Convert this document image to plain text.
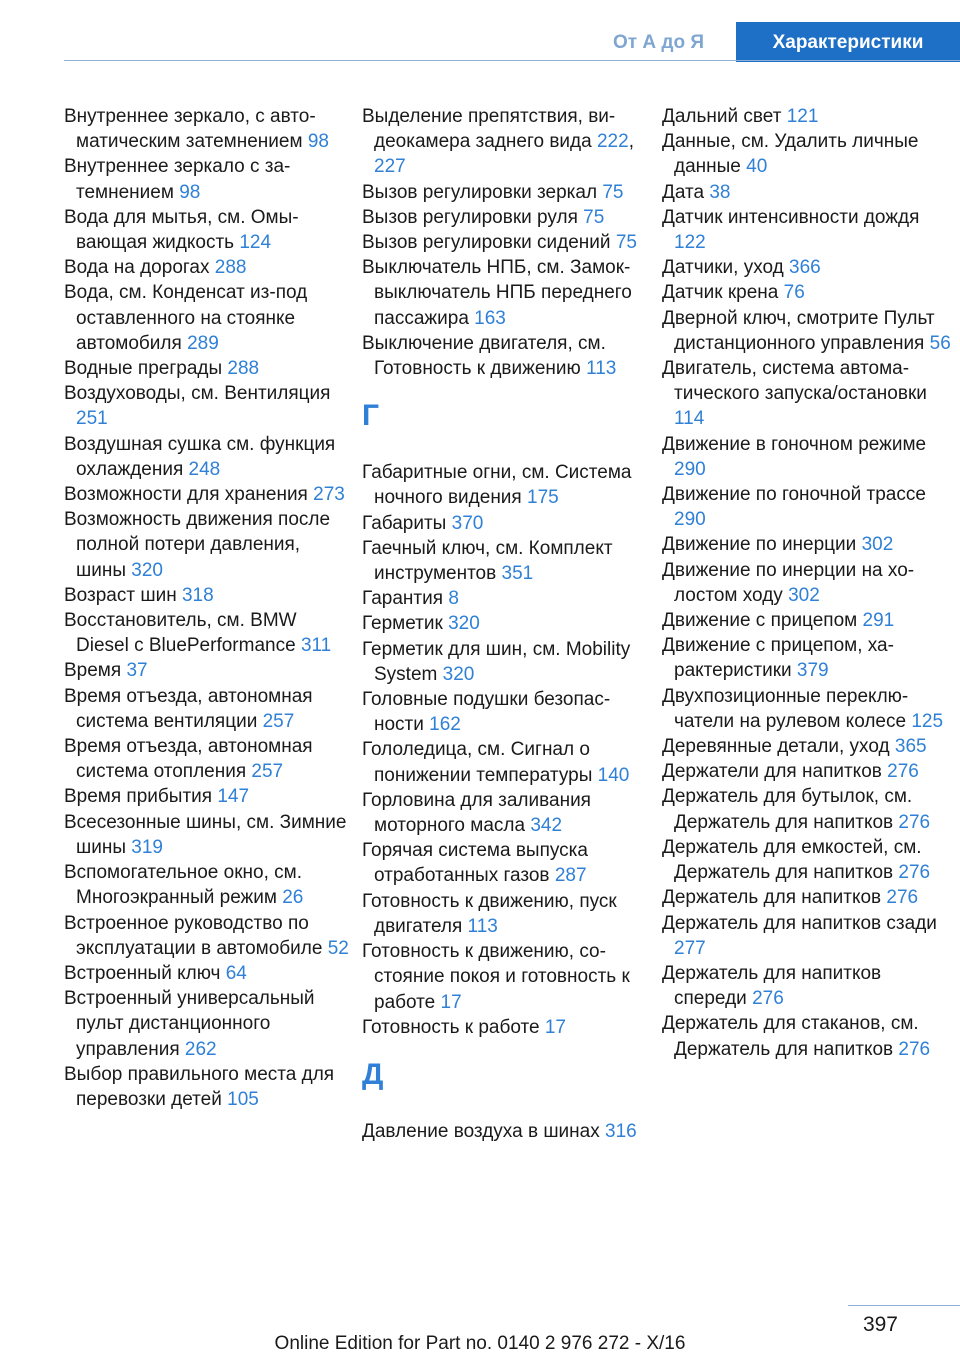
От А до Я	Характеристики
Внутреннее зеркало, с автоматическим затемнением 98
Внутреннее зеркало с затемнением 98
Вода для мытья, см. Омывающая жидкость 124
Вода на дорогах 288
Вода, см. Конденсат из-под оставленного на стоянке автомобиля 289
Водные преграды 288
Воздуховоды, см. Вентиляция 251
Воздушная сушка см. функция охлаждения 248
Возможности для хранения 273
Возможность движения после полной потери давления, шины 320
Возраст шин 318
Восстановитель, см. BMW Diesel с BluePerformance 311
Время 37
Время отъезда, автономная система вентиляции 257
Время отъезда, автономная система отопления 257
Время прибытия 147
Всесезонные шины, см. Зимние шины 319
Вспомогательное окно, см. Многоэкранный режим 26
Встроенное руководство по эксплуатации в автомобиле 52
Встроенный ключ 64
Встроенный универсальный пульт дистанционного управления 262
Выбор правильного места для перевозки детей 105
Выделение препятствия, видеокамера заднего вида 222, 227
Вызов регулировки зеркал 75
Вызов регулировки руля 75
Вызов регулировки сидений 75
Выключатель НПБ, см. Замок-выключатель НПБ переднего пассажира 163
Выключение двигателя, см. Готовность к движению 113
Г
Габаритные огни, см. Система ночного видения 175
Габариты 370
Гаечный ключ, см. Комплект инструментов 351
Гарантия 8
Герметик 320
Герметик для шин, см. Mobility System 320
Головные подушки безопасности 162
Гололедица, см. Сигнал о понижении температуры 140
Горловина для заливания моторного масла 342
Горячая система выпуска отработанных газов 287
Готовность к движению, пуск двигателя 113
Готовность к движению, состояние покоя и готовность к работе 17
Готовность к работе 17
Д
Давление воздуха в шинах 316
Дальний свет 121
Данные, см. Удалить личные данные 40
Дата 38
Датчик интенсивности дождя 122
Датчики, уход 366
Датчик крена 76
Дверной ключ, смотрите Пульт дистанционного управления 56
Двигатель, система автоматического запуска/остановки 114
Движение в гоночном режиме 290
Движение по гоночной трассе 290
Движение по инерции 302
Движение по инерции на холостом ходу 302
Движение с прицепом 291
Движение с прицепом, характеристики 379
Двухпозиционные переключатели на рулевом колесе 125
Деревянные детали, уход 365
Держатели для напитков 276
Держатель для бутылок, см. Держатель для напитков 276
Держатель для емкостей, см. Держатель для напитков 276
Держатель для напитков 276
Держатель для напитков сзади 277
Держатель для напитков спереди 276
Держатель для стаканов, см. Держатель для напитков 276
397
Online Edition for Part no. 0140 2 976 272 - X/16
